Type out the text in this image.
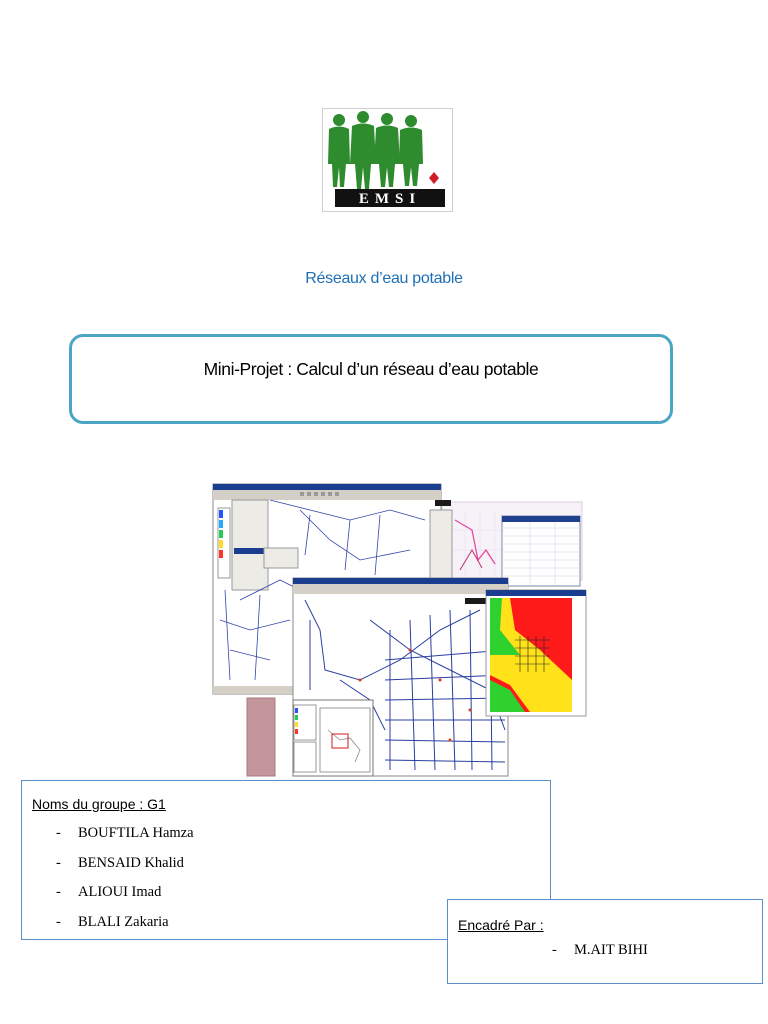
EMSI
Réseaux d’eau potable
Mini-Projet : Calcul d’un réseau d’eau potable
Noms du groupe : G1
-	BOUFTILA Hamza
-	BENSAID Khalid
-	ALIOUI Imad
-	BLALI Zakaria	Encadré Par :
-	M.AIT BIHI
